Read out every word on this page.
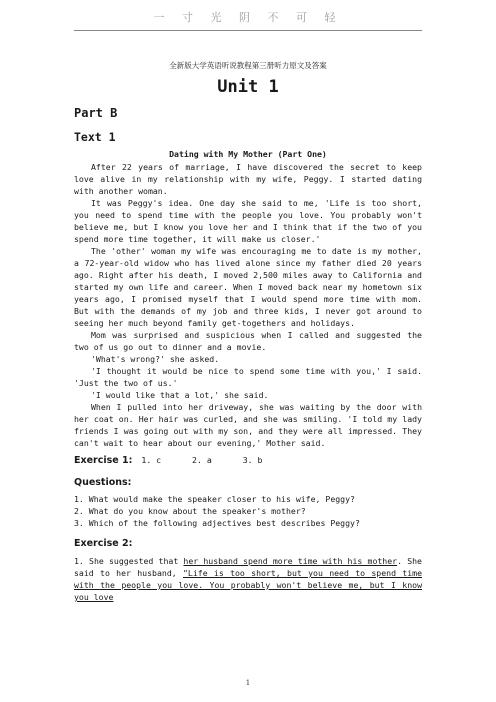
一 寸 光 阴 不 可 轻

全新版大学英语听说教程第三册听力原文及答案

Unit 1
Part B
Text 1
Dating with My Mother (Part One)

After 22 years of marriage, I have discovered the secret to keep love alive in my relationship with my wife, Peggy. I started dating with another woman.

It was Peggy's idea. One day she said to me, 'Life is too short, you need to spend time with the people you love. You probably won't believe me, but I know you love her and I think that if the two of you spend more time together, it will make us closer.'

The 'other' woman my wife was encouraging me to date is my mother, a 72-year-old widow who has lived alone since my father died 20 years ago. Right after his death, I moved 2,500 miles away to California and started my own life and career. When I moved back near my hometown six years ago, I promised myself that I would spend more time with mom. But with the demands of my job and three kids, I never got around to seeing her much beyond family get-togethers and holidays.

Mom was surprised and suspicious when I called and suggested the two of us go out to dinner and a movie.

'What's wrong?' she asked.

'I thought it would be nice to spend some time with you,' I said. 'Just the two of us.'

'I would like that a lot,' she said.

When I pulled into her driveway, she was waiting by the door with her coat on. Her hair was curled, and she was smiling. 'I told my lady friends I was going out with my son, and they were all impressed. They can't wait to hear about our evening,' Mother said.

Exercise 1: 1. c	2. a	3. b
Questions:

1. What would make the speaker closer to his wife, Peggy?

2. What do you know about the speaker's mother?

3. Which of the following adjectives best describes Peggy?

Exercise 2:

1. She suggested that her husband spend more time with his mother. She said to her husband, "Life is too short, but you need to spend time with the people you love. You probably won't believe me, but I know you love

1
